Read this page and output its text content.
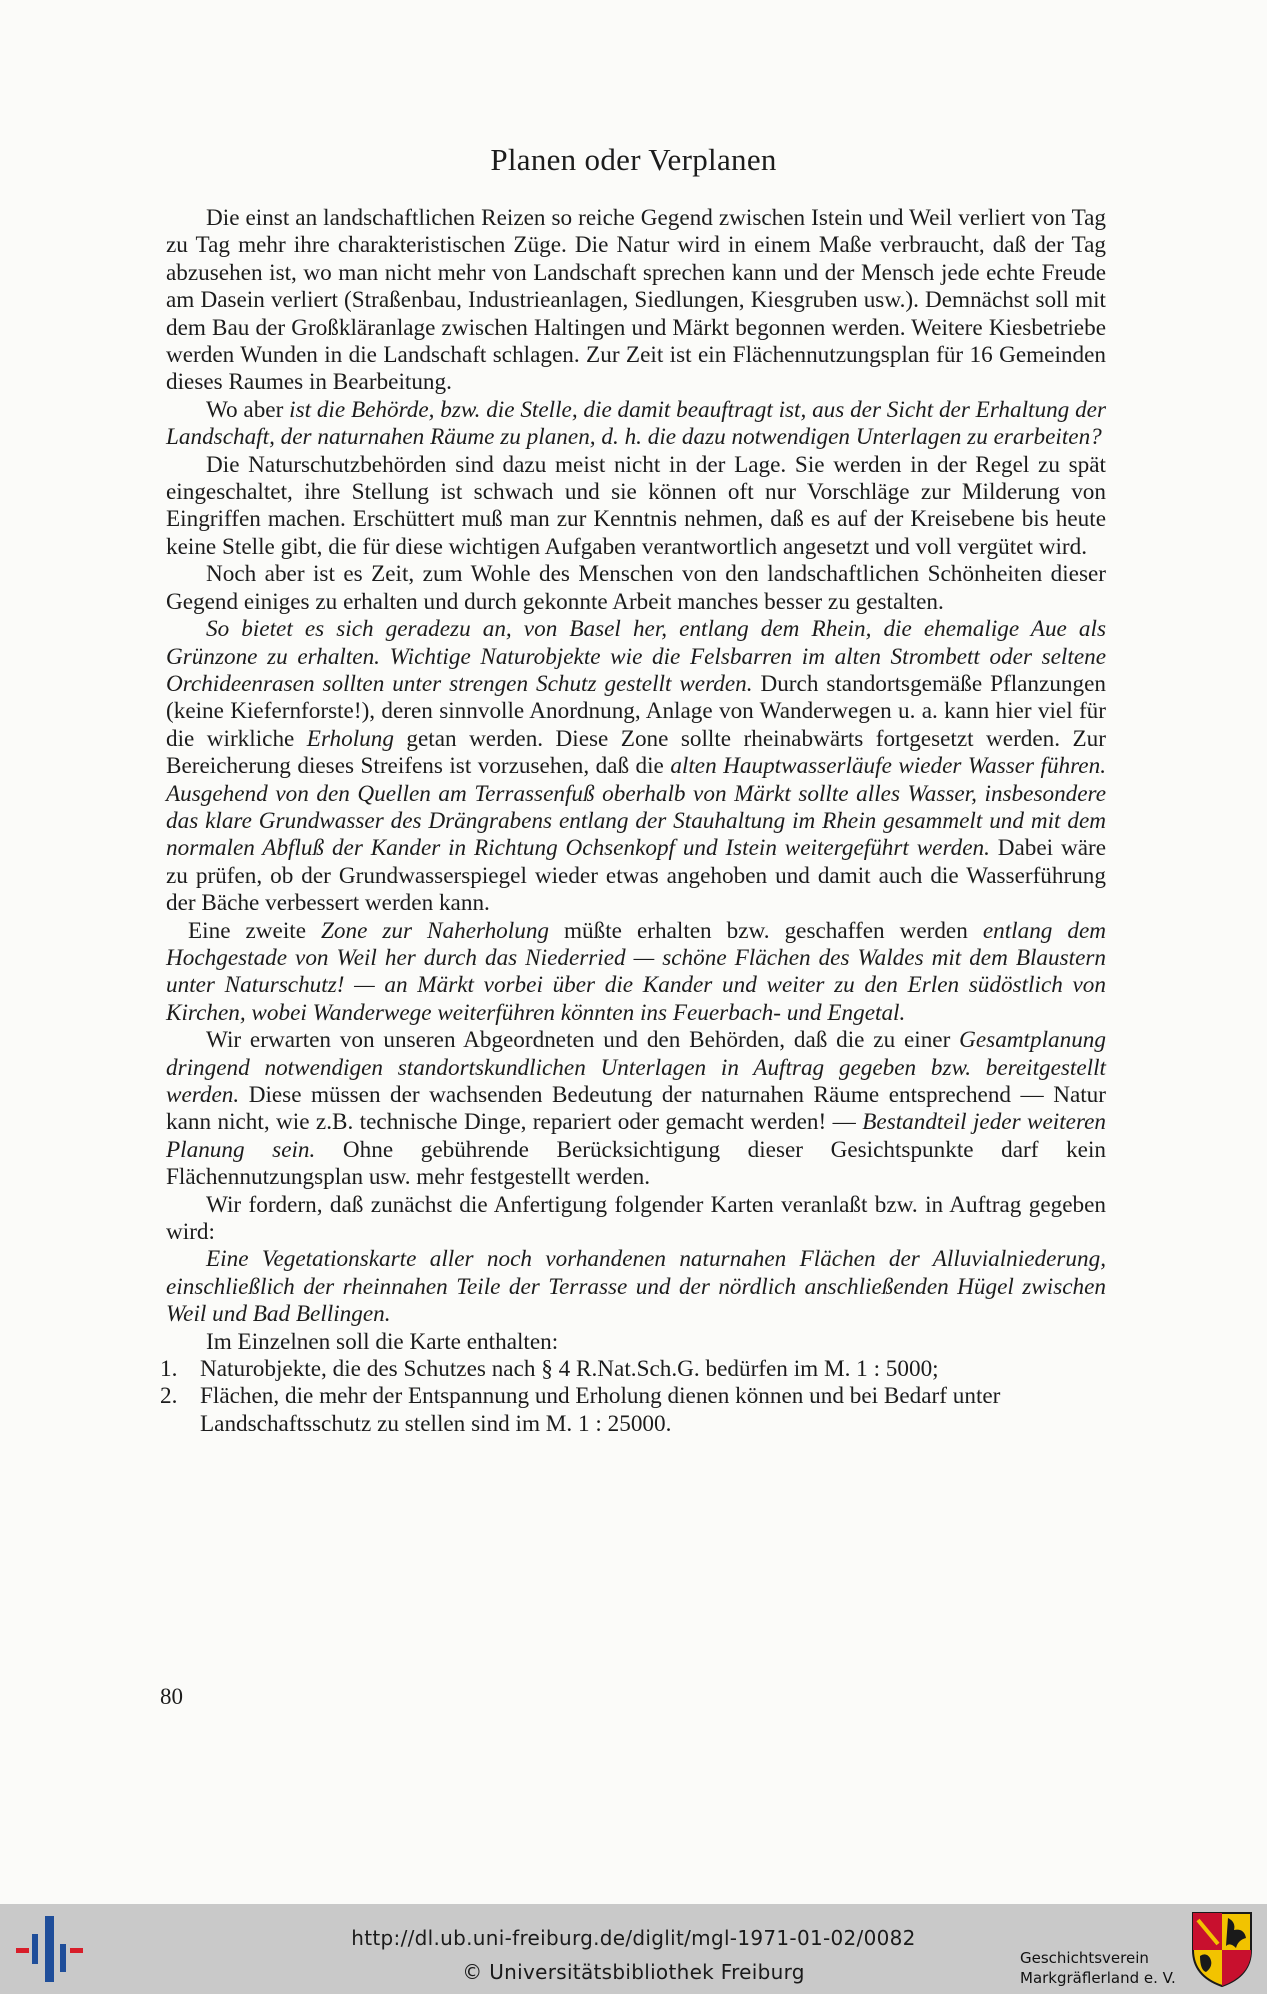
Planen oder Verplanen

Die einst an landschaftlichen Reizen so reiche Gegend zwischen Istein und Weil verliert von Tag zu Tag mehr ihre charakteristischen Züge. Die Natur wird in einem Maße verbraucht, daß der Tag abzusehen ist, wo man nicht mehr von Landschaft sprechen kann und der Mensch jede echte Freude am Dasein verliert (Straßenbau, Industrieanlagen, Siedlungen, Kiesgruben usw.). Demnächst soll mit dem Bau der Großkläranlage zwischen Haltingen und Märkt begonnen werden. Weitere Kiesbetriebe werden Wunden in die Landschaft schlagen. Zur Zeit ist ein Flächennutzungsplan für 16 Gemeinden dieses Raumes in Bearbeitung.

Wo aber ist die Behörde, bzw. die Stelle, die damit beauftragt ist, aus der Sicht der Erhaltung der Landschaft, der naturnahen Räume zu planen, d. h. die dazu notwendigen Unterlagen zu erarbeiten?

Die Naturschutzbehörden sind dazu meist nicht in der Lage. Sie werden in der Regel zu spät eingeschaltet, ihre Stellung ist schwach und sie können oft nur Vorschläge zur Milderung von Eingriffen machen. Erschüttert muß man zur Kenntnis nehmen, daß es auf der Kreisebene bis heute keine Stelle gibt, die für diese wichtigen Aufgaben verantwortlich angesetzt und voll vergütet wird.

Noch aber ist es Zeit, zum Wohle des Menschen von den landschaftlichen Schönheiten dieser Gegend einiges zu erhalten und durch gekonnte Arbeit manches besser zu gestalten.

So bietet es sich geradezu an, von Basel her, entlang dem Rhein, die ehemalige Aue als Grünzone zu erhalten. Wichtige Naturobjekte wie die Felsbarren im alten Strombett oder seltene Orchideenrasen sollten unter strengen Schutz gestellt werden. Durch standortsgemäße Pflanzungen (keine Kiefernforste!), deren sinnvolle Anordnung, Anlage von Wanderwegen u. a. kann hier viel für die wirkliche Erholung getan werden. Diese Zone sollte rheinabwärts fortgesetzt werden. Zur Bereicherung dieses Streifens ist vorzusehen, daß die alten Hauptwasserläufe wieder Wasser führen. Ausgehend von den Quellen am Terrassenfuß oberhalb von Märkt sollte alles Wasser, insbesondere das klare Grundwasser des Drängrabens entlang der Stauhaltung im Rhein gesammelt und mit dem normalen Abfluß der Kander in Richtung Ochsenkopf und Istein weitergeführt werden. Dabei wäre zu prüfen, ob der Grundwasserspiegel wieder etwas angehoben und damit auch die Wasserführung der Bäche verbessert werden kann.

Eine zweite Zone zur Naherholung müßte erhalten bzw. geschaffen werden entlang dem Hochgestade von Weil her durch das Niederried — schöne Flächen des Waldes mit dem Blaustern unter Naturschutz! — an Märkt vorbei über die Kander und weiter zu den Erlen südöstlich von Kirchen, wobei Wanderwege weiterführen könnten ins Feuerbach- und Engetal.

Wir erwarten von unseren Abgeordneten und den Behörden, daß die zu einer Gesamtplanung dringend notwendigen standortskundlichen Unterlagen in Auftrag gegeben bzw. bereitgestellt werden. Diese müssen der wachsenden Bedeutung der naturnahen Räume entsprechend — Natur kann nicht, wie z.B. technische Dinge, repariert oder gemacht werden! — Bestandteil jeder weiteren Planung sein. Ohne gebührende Berücksichtigung dieser Gesichtspunkte darf kein Flächennutzungsplan usw. mehr festgestellt werden.

Wir fordern, daß zunächst die Anfertigung folgender Karten veranlaßt bzw. in Auftrag gegeben wird:

Eine Vegetationskarte aller noch vorhandenen naturnahen Flächen der Alluvialniederung, einschließlich der rheinnahen Teile der Terrasse und der nördlich anschließenden Hügel zwischen Weil und Bad Bellingen.

Im Einzelnen soll die Karte enthalten:

1. Naturobjekte, die des Schutzes nach § 4 R.Nat.Sch.G. bedürfen im M. 1 : 5000;
2. Flächen, die mehr der Entspannung und Erholung dienen können und bei Bedarf unter Landschaftsschutz zu stellen sind im M. 1 : 25000.
80
http://dl.ub.uni-freiburg.de/diglit/mgl-1971-01-02/0082
© Universitätsbibliothek Freiburg
Geschichtsverein
Markgräflerland e. V.
